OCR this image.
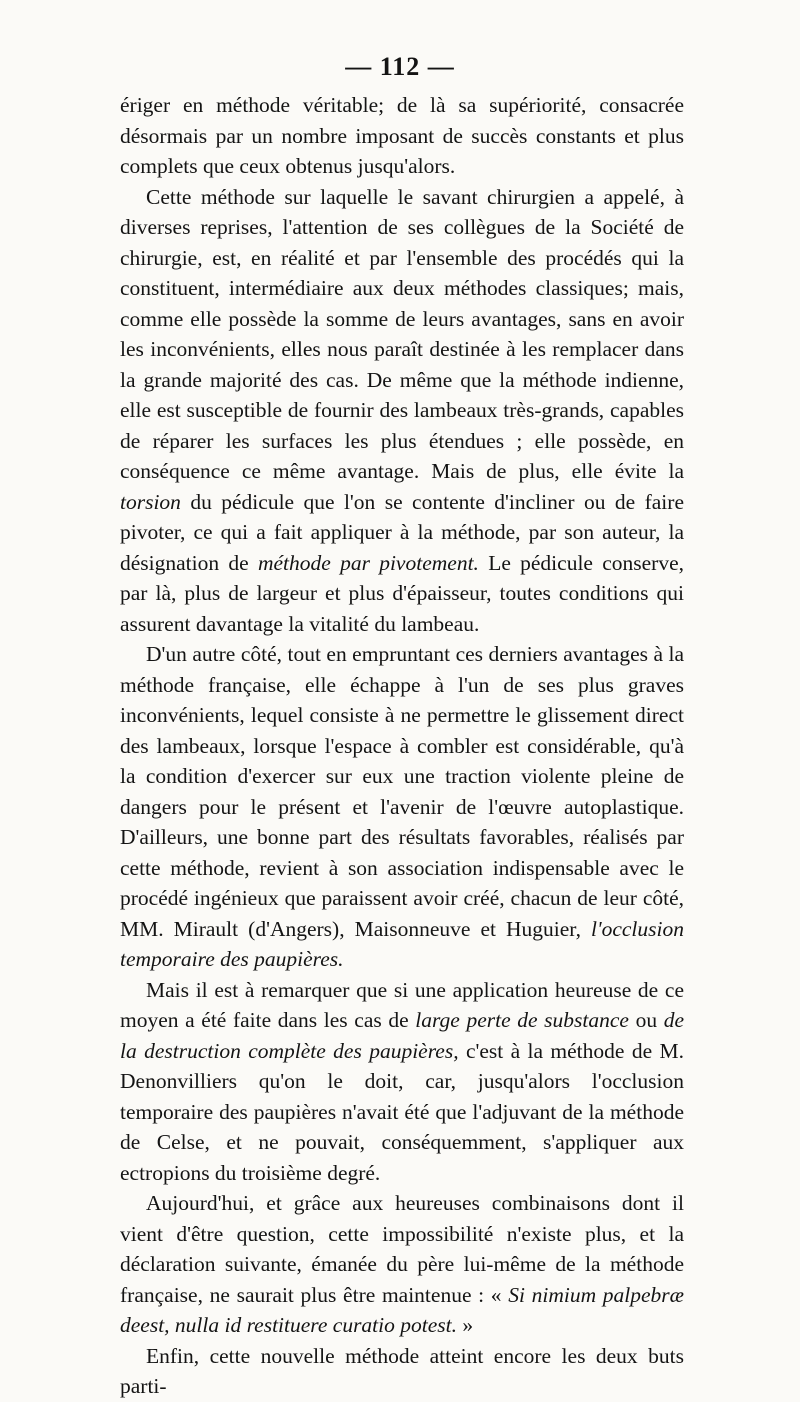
— 112 —

ériger en méthode véritable; de là sa supériorité, consacrée désormais par un nombre imposant de succès constants et plus complets que ceux obtenus jusqu'alors.

Cette méthode sur laquelle le savant chirurgien a appelé, à diverses reprises, l'attention de ses collègues de la Société de chirurgie, est, en réalité et par l'ensemble des procédés qui la constituent, intermédiaire aux deux méthodes classiques; mais, comme elle possède la somme de leurs avantages, sans en avoir les inconvénients, elles nous paraît destinée à les remplacer dans la grande majorité des cas. De même que la méthode indienne, elle est susceptible de fournir des lambeaux très-grands, capables de réparer les surfaces les plus étendues ; elle possède, en conséquence ce même avantage. Mais de plus, elle évite la torsion du pédicule que l'on se contente d'incliner ou de faire pivoter, ce qui a fait appliquer à la méthode, par son auteur, la désignation de méthode par pivotement. Le pédicule conserve, par là, plus de largeur et plus d'épaisseur, toutes conditions qui assurent davantage la vitalité du lambeau.

D'un autre côté, tout en empruntant ces derniers avantages à la méthode française, elle échappe à l'un de ses plus graves inconvénients, lequel consiste à ne permettre le glissement direct des lambeaux, lorsque l'espace à combler est considérable, qu'à la condition d'exercer sur eux une traction violente pleine de dangers pour le présent et l'avenir de l'œuvre autoplastique. D'ailleurs, une bonne part des résultats favorables, réalisés par cette méthode, revient à son association indispensable avec le procédé ingénieux que paraissent avoir créé, chacun de leur côté, MM. Mirault (d'Angers), Maisonneuve et Huguier, l'occlusion temporaire des paupières.

Mais il est à remarquer que si une application heureuse de ce moyen a été faite dans les cas de large perte de substance ou de la destruction complète des paupières, c'est à la méthode de M. Denonvilliers qu'on le doit, car, jusqu'alors l'occlusion temporaire des paupières n'avait été que l'adjuvant de la méthode de Celse, et ne pouvait, conséquemment, s'appliquer aux ectropions du troisième degré.

Aujourd'hui, et grâce aux heureuses combinaisons dont il vient d'être question, cette impossibilité n'existe plus, et la déclaration suivante, émanée du père lui-même de la méthode française, ne saurait plus être maintenue : « Si nimium palpebræ deest, nulla id restituere curatio potest. »

Enfin, cette nouvelle méthode atteint encore les deux buts parti-
